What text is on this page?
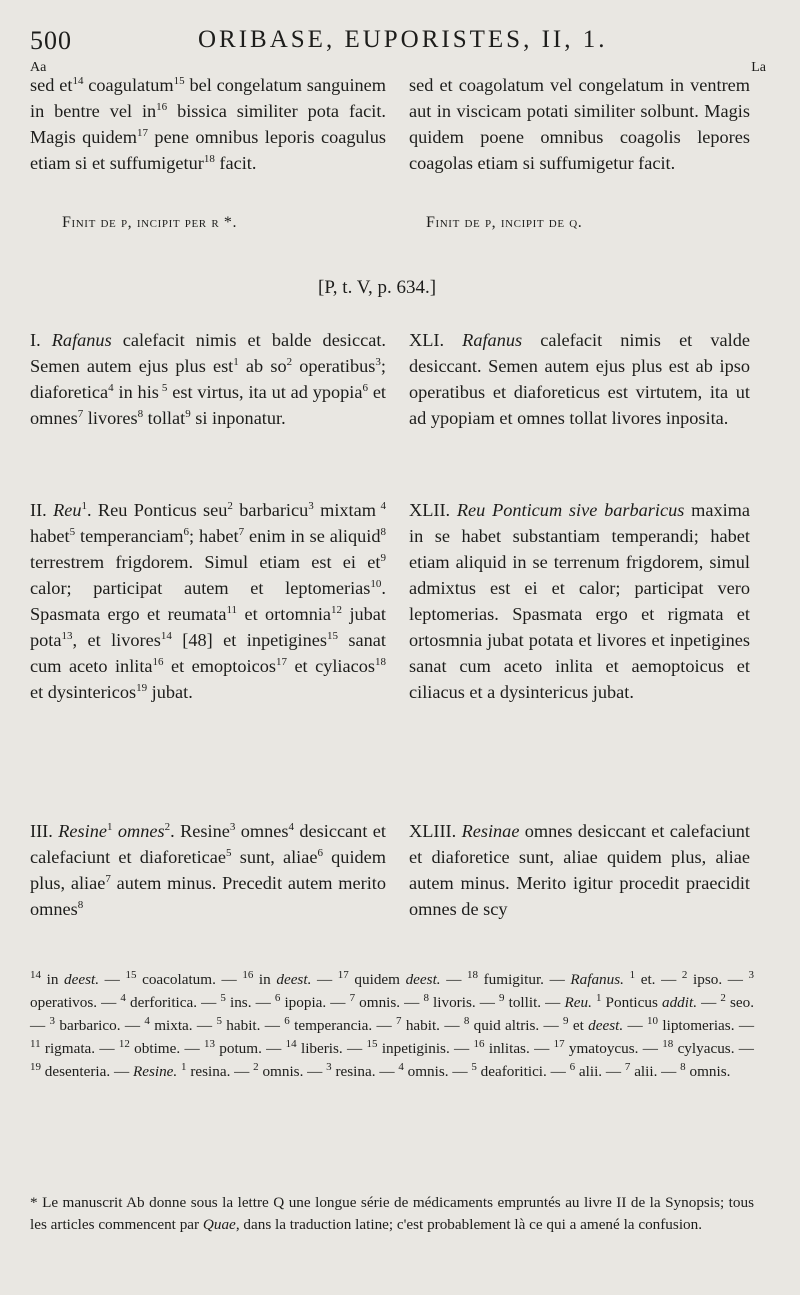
500	ORIBASE, EUPORISTES, II, 1.
Aa	La

sed $et^{14}$ coagulatum$^{15}$ bel congelatum sanguinem in bentre vel $in^{16}$ bissica similiter pota facit. Magis quidem$^{17}$ pene omnibus leporis coagulus etiam si et suffumigetur$^{18}$ facit.

sed et coagolatum vel congelatum in ventrem aut in viscicam potati similiter solbunt. Magis quidem poene omnibus coagolis lepores coagolas etiam si suffumigetur facit.

Finit de p, incipit per r *.	Finit de p, incipit de q.
[P, t. V, p. 634.]

I. Rafanus calefacit nimis et balde desiccat. Semen autem ejus plus est$^1$ ab $so^2$ operatibus$^3$; diaforetica$^4$ in his $^5$ est virtus, ita ut ad ypopia$^6$ et omnes$^7$ livores$^8$ tollat$^9$ si inponatur.

XLI. Rafanus calefacit nimis et valde desiccant. Semen autem ejus plus est ab ipso operatibus et diaforeticus est virtutem, ita ut ad ypopiam et omnes tollat livores inposita.

II. Reu$^1$. Reu Ponticus seu$^2$ barbaricu$^3$ mixtam $^4$ habet$^5$ temperanciam$^6$; habet$^7$ enim in se aliquid$^8$ terrestrem frigdorem. Simul etiam est ei $et^9$ calor; participat autem et leptomerias$^{10}$. Spasmata ergo et reumata$^{11}$ et ortomnia$^{12}$ jubat pota$^{13}$, et livores$^{14}$ [48] et inpetigines$^{15}$ sanat cum aceto inlita$^{16}$ et emoptoicos$^{17}$ et cyliacos$^{18}$ et dysintericos$^{19}$ jubat.

XLII. Reu Ponticum sive barbaricus maxima in se habet substantiam temperandi; habet etiam aliquid in se terrenum frigdorem, simul admixtus est ei et calor; participat vero leptomerias. Spasmata ergo et rigmata et ortosmnia jubat potata et livores et inpetigines sanat cum aceto inlita et aemoptoicus et ciliacus et a dysintericus jubat.

III. Resine$^1$ omnes$^2$. Resine$^3$ omnes$^4$ desiccant et calefaciunt et diaforeticae$^5$ sunt, aliae$^6$ quidem plus, aliae$^7$ autem minus. Precedit autem merito omnes$^8$

XLIII. Resinae omnes desiccant et calefaciunt et diaforetice sunt, aliae quidem plus, aliae autem minus. Merito igitur procedit praecidit omnes de scy

$^{14}$ in deest. — $^{15}$ coacolatum. — $^{16}$ in deest. — $^{17}$ quidem deest. — $^{18}$ fumigitur. — Rafanus. $^1$ et. — $^2$ ipso. — $^3$ operativos. — $^4$ derforitica. — $^5$ ins. — $^6$ ipopia. — $^7$ omnis. — $^8$ livoris. — $^9$ tollit. — Reu. $^1$ Ponticus addit. — $^2$ seo. — $^3$ barbarico. — $^4$ mixta. — $^5$ habit. — $^6$ temperancia. — $^7$ habit. — $^8$ quid altris. — $^9$ et deest. — $^{10}$ liptomerias. — $^{11}$ rigmata. — $^{12}$ obtime. — $^{13}$ potum. — $^{14}$ liberis. — $^{15}$ inpetiginis. — $^{16}$ inlitas. — $^{17}$ ymatoycus. — $^{18}$ cylyacus. — $^{19}$ desenteria. — Resine. $^1$ resina. — $^2$ omnis. — $^3$ resina. — $^4$ omnis. — $^5$ deaforitici. — $^6$ alii. — $^7$ alii. — $^8$ omnis.

* Le manuscrit Ab donne sous la lettre Q une longue série de médicaments empruntés au livre II de la Synopsis; tous les articles commencent par Quae, dans la traduction latine; c'est probablement là ce qui a amené la confusion.
